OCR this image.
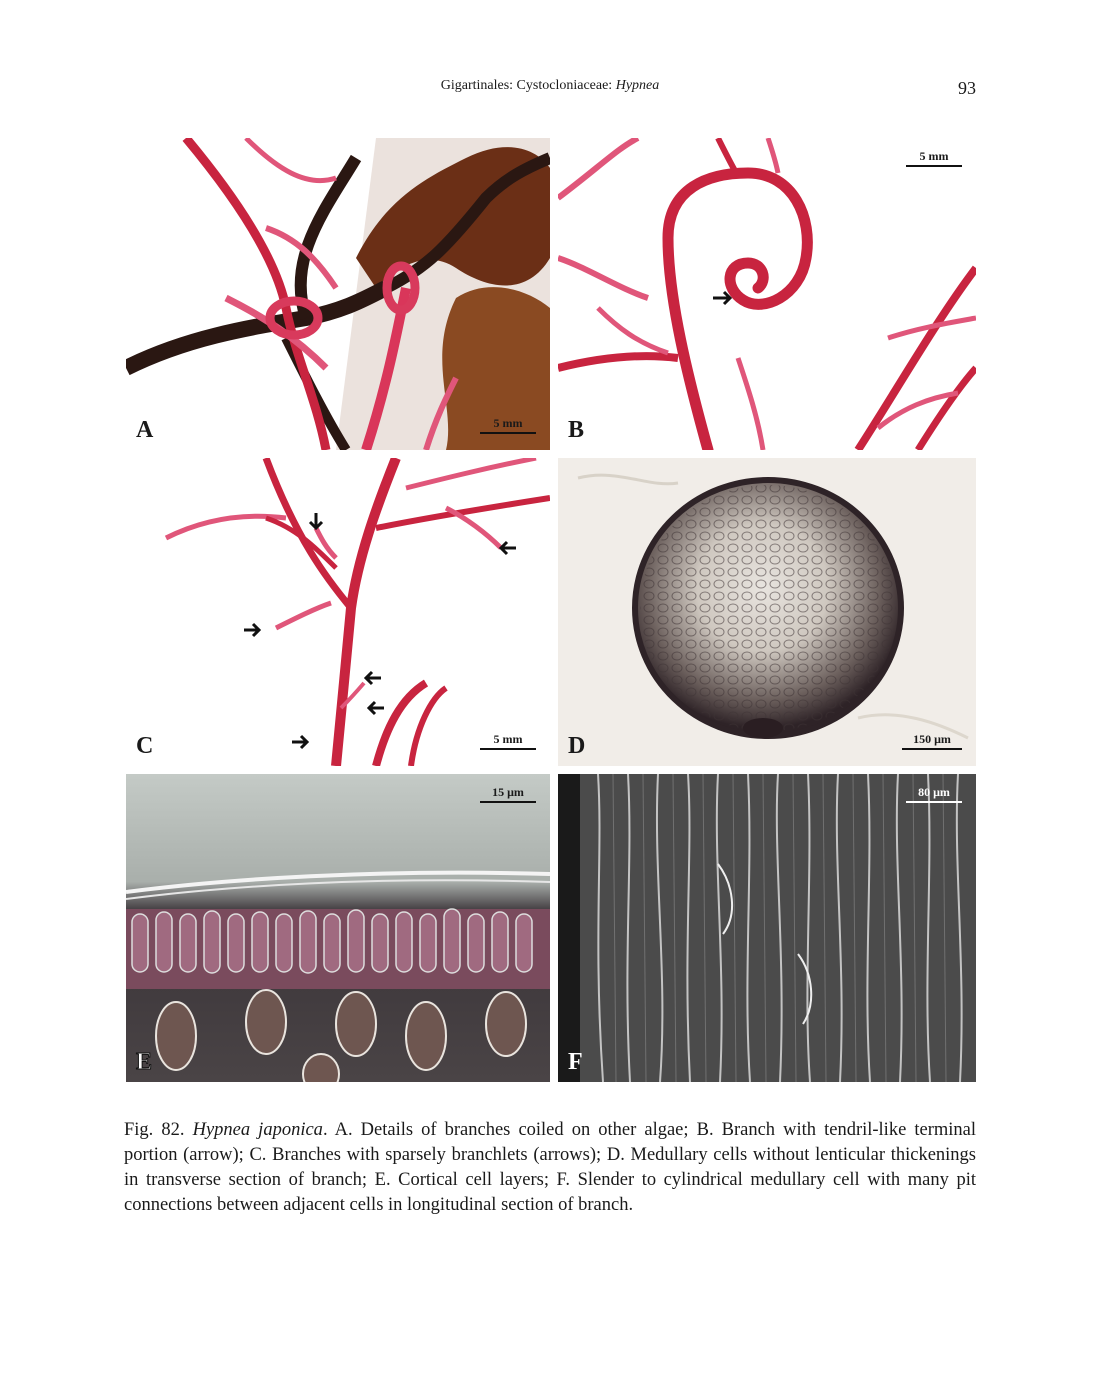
Gigartinales: Cystocloniaceae: Hypnea	93
A	5 mm	B
5 mm
C	5 mm	D	150 μm
E
15 μm
F
80 μm

Fig. 82. Hypnea japonica. A. Details of branches coiled on other algae; B. Branch with tendril-like terminal portion (arrow); C. Branches with sparsely branchlets (arrows); D. Medullary cells without lenticular thickenings in transverse section of branch; E. Cortical cell layers; F. Slender to cylindrical medullary cell with many pit connections between adjacent cells in longitudinal section of branch.
